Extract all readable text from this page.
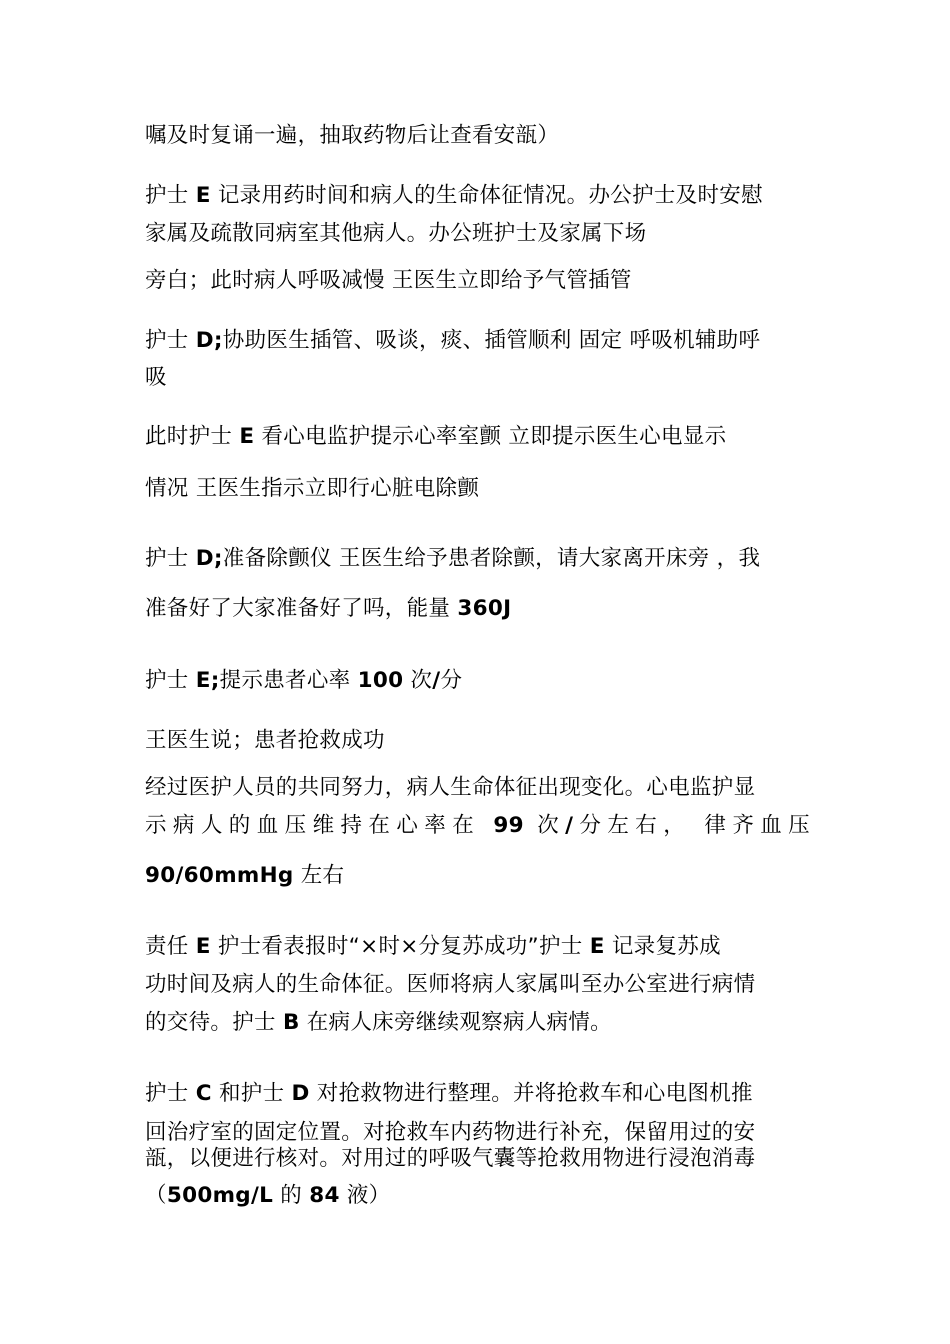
嘱及时复诵一遍，抽取药物后让查看安瓿）
护士 E 记录用药时间和病人的生命体征情况。办公护士及时安慰
家属及疏散同病室其他病人。办公班护士及家属下场
旁白；此时病人呼吸减慢 王医生立即给予气管插管
护士 D;协助医生插管、吸谈，痰、插管顺利 固定 呼吸机辅助呼
吸
此时护士 E 看心电监护提示心率室颤 立即提示医生心电显示
情况 王医生指示立即行心脏电除颤
护士 D;准备除颤仪 王医生给予患者除颤，请大家离开床旁 ，我
准备好了大家准备好了吗，能量 360J
护士 E;提示患者心率 100 次/分
王医生说；患者抢救成功
经过医护人员的共同努力，病人生命体征出现变化。心电监护显
示病人的血压维持在心率在 99 次/分左右， 律齐血压
90/60mmHg 左右
责任 E 护士看表报时“×时×分复苏成功”护士 E 记录复苏成
功时间及病人的生命体征。医师将病人家属叫至办公室进行病情
的交待。护士 B 在病人床旁继续观察病人病情。
护士 C 和护士 D 对抢救物进行整理。并将抢救车和心电图机推
回治疗室的固定位置。对抢救车内药物进行补充，保留用过的安
瓿，以便进行核对。对用过的呼吸气囊等抢救用物进行浸泡消毒
（500mg/L 的 84 液）
